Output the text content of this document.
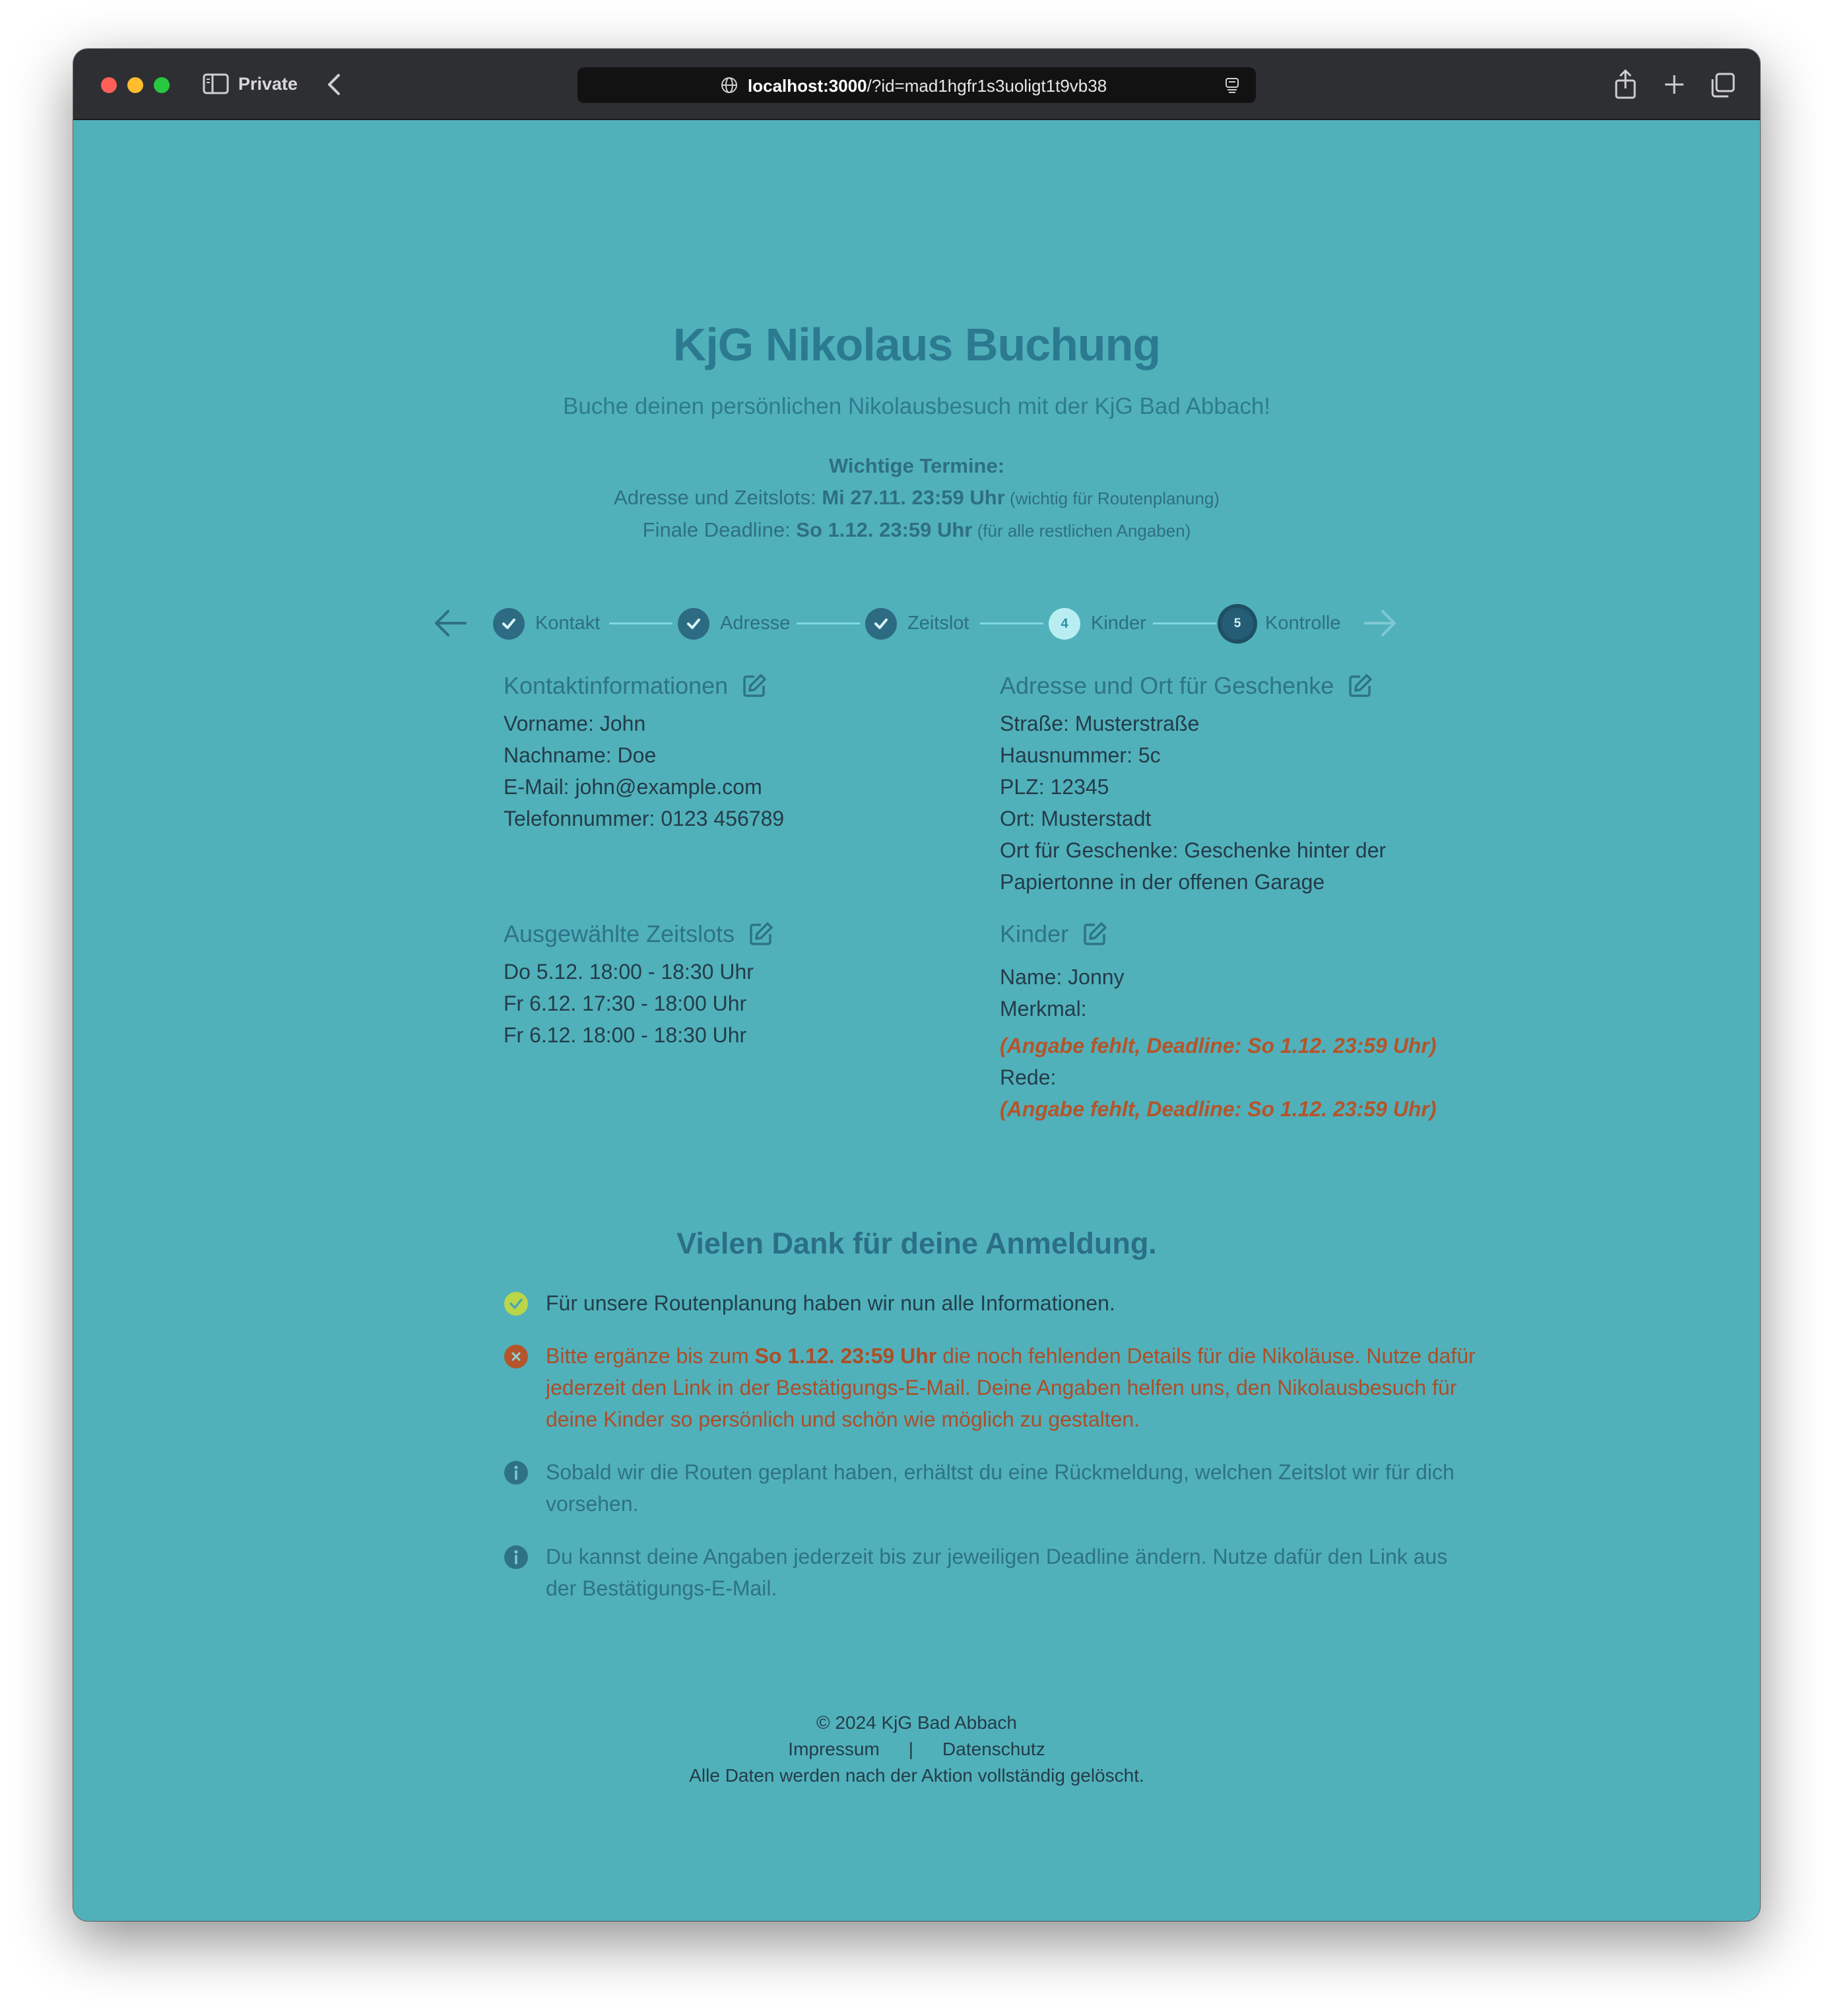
Private	localhost:3000/?id=mad1hgfr1s3uoligt1t9vb38
KjG Nikolaus Buchung
Buche deinen persönlichen Nikolausbesuch mit der KjG Bad Abbach!
Wichtige Termine:
Adresse und Zeitslots: Mi 27.11. 23:59 Uhr (wichtig für Routenplanung)
Finale Deadline: So 1.12. 23:59 Uhr (für alle restlichen Angaben)
Kontakt	Adresse	Zeitslot	4	Kinder	5	Kontrolle
Kontaktinformationen
Vorname: John
Nachname: Doe
E-Mail: john@example.com
Telefonnummer: 0123 456789
Adresse und Ort für Geschenke
Straße: Musterstraße
Hausnummer: 5c
PLZ: 12345
Ort: Musterstadt
Ort für Geschenke: Geschenke hinter der
Papiertonne in der offenen Garage
Ausgewählte Zeitslots
Do 5.12. 18:00 - 18:30 Uhr
Fr 6.12. 17:30 - 18:00 Uhr
Fr 6.12. 18:00 - 18:30 Uhr
Kinder
Name: Jonny
Merkmal:
(Angabe fehlt, Deadline: So 1.12. 23:59 Uhr)
Rede:
(Angabe fehlt, Deadline: So 1.12. 23:59 Uhr)
Vielen Dank für deine Anmeldung.
Für unsere Routenplanung haben wir nun alle Informationen.
Bitte ergänze bis zum So 1.12. 23:59 Uhr die noch fehlenden Details für die Nikoläuse. Nutze dafür jederzeit den Link in der Bestätigungs-E-Mail. Deine Angaben helfen uns, den Nikolausbesuch für deine Kinder so persönlich und schön wie möglich zu gestalten.
Sobald wir die Routen geplant haben, erhältst du eine Rückmeldung, welchen Zeitslot wir für dich vorsehen.
Du kannst deine Angaben jederzeit bis zur jeweiligen Deadline ändern. Nutze dafür den Link aus der Bestätigungs-E-Mail.
© 2024 KjG Bad Abbach
Impressum | Datenschutz
Alle Daten werden nach der Aktion vollständig gelöscht.
